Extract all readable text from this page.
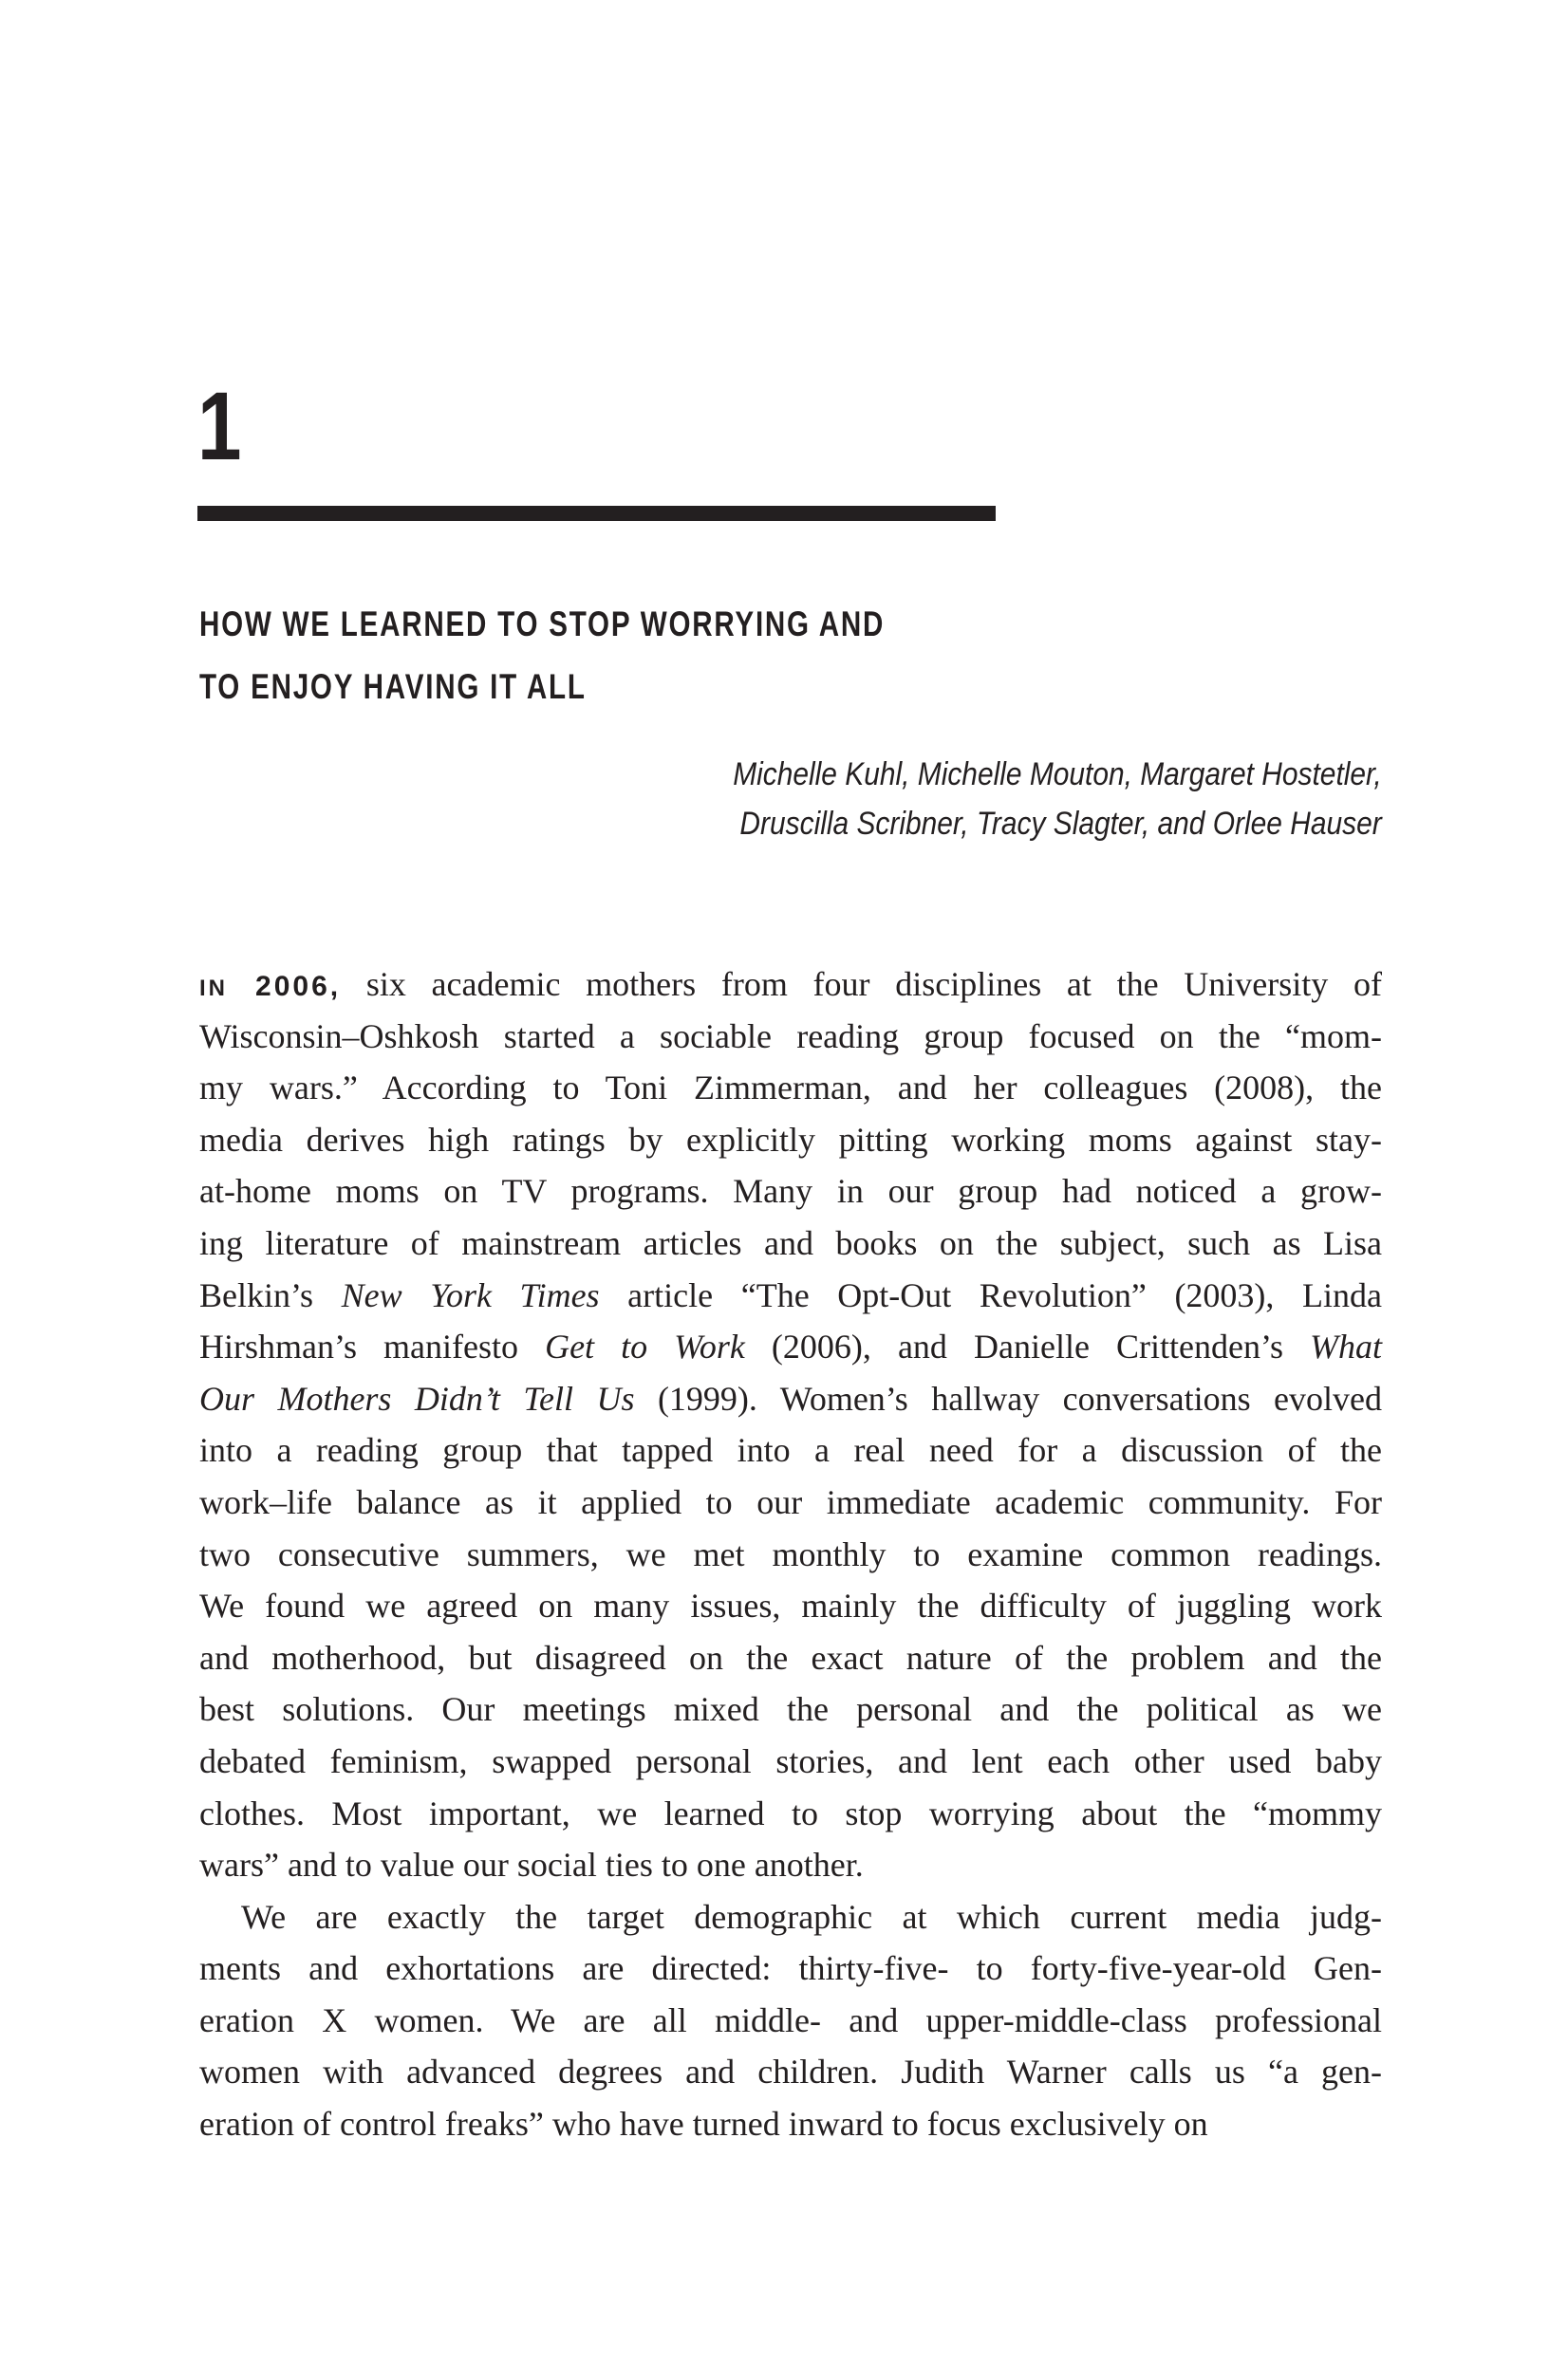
1
HOW WE LEARNED TO STOP WORRYING AND
TO ENJOY HAVING IT ALL
Michelle Kuhl, Michelle Mouton, Margaret Hostetler,
Druscilla Scribner, Tracy Slagter, and Orlee Hauser
IN 2006, six academic mothers from four disciplines at the University of
Wisconsin–Oshkosh started a sociable reading group focused on the “mom-
my wars.” According to Toni Zimmerman, and her colleagues (2008), the
media derives high ratings by explicitly pitting working moms against stay-
at-home moms on TV programs. Many in our group had noticed a grow-
ing literature of mainstream articles and books on the subject, such as Lisa
Belkin’s New York Times article “The Opt-Out Revolution” (2003), Linda
Hirshman’s manifesto Get to Work (2006), and Danielle Crittenden’s What
Our Mothers Didn’t Tell Us (1999). Women’s hallway conversations evolved
into a reading group that tapped into a real need for a discussion of the
work–life balance as it applied to our immediate academic community. For
two consecutive summers, we met monthly to examine common readings.
We found we agreed on many issues, mainly the difficulty of juggling work
and motherhood, but disagreed on the exact nature of the problem and the
best solutions. Our meetings mixed the personal and the political as we
debated feminism, swapped personal stories, and lent each other used baby
clothes. Most important, we learned to stop worrying about the “mommy
wars” and to value our social ties to one another.
We are exactly the target demographic at which current media judg-
ments and exhortations are directed: thirty-five- to forty-five-year-old Gen-
eration X women. We are all middle- and upper-middle-class professional
women with advanced degrees and children. Judith Warner calls us “a gen-
eration of control freaks” who have turned inward to focus exclusively on
